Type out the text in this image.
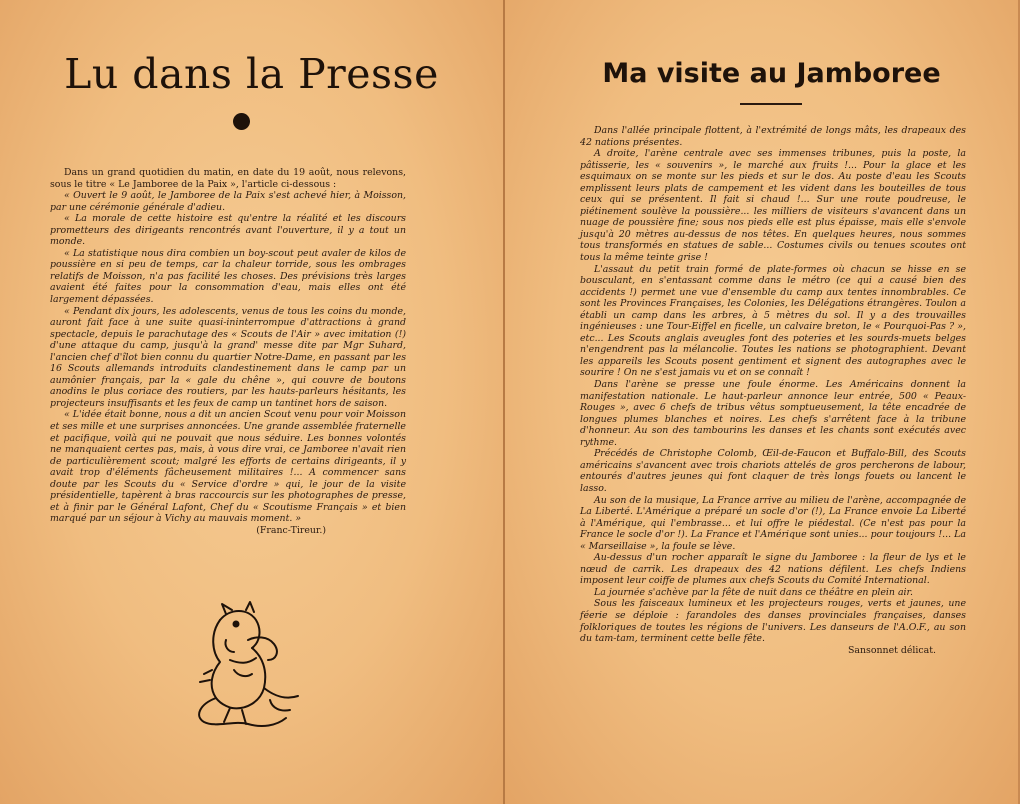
Lu dans la Presse

Dans un grand quotidien du matin, en date du 19 août, nous relevons, sous le titre « Le Jamboree de la Paix », l'article ci-dessous :

« Ouvert le 9 août, le Jamboree de la Paix s'est achevé hier, à Moisson, par une cérémonie générale d'adieu.

« La morale de cette histoire est qu'entre la réalité et les discours prometteurs des dirigeants rencontrés avant l'ouverture, il y a tout un monde.

« La statistique nous dira combien un boy-scout peut avaler de kilos de poussière en si peu de temps, car la chaleur torride, sous les ombrages relatifs de Moisson, n'a pas facilité les choses. Des prévisions très larges avaient été faites pour la consommation d'eau, mais elles ont été largement dépassées.

« Pendant dix jours, les adolescents, venus de tous les coins du monde, auront fait face à une suite quasi-ininterrompue d'attractions à grand spectacle, depuis le parachutage des « Scouts de l'Air » avec imitation (!) d'une attaque du camp, jusqu'à la grand' messe dite par Mgr Suhard, l'ancien chef d'îlot bien connu du quartier Notre-Dame, en passant par les 16 Scouts allemands introduits clandestinement dans le camp par un aumônier français, par la « gale du chêne », qui couvre de boutons anodins le plus coriace des routiers, par les hauts-parleurs hésitants, les projecteurs insuffisants et les feux de camp un tantinet hors de saison.

« L'idée était bonne, nous a dit un ancien Scout venu pour voir Moisson et ses mille et une surprises annoncées. Une grande assemblée fraternelle et pacifique, voilà qui ne pouvait que nous séduire. Les bonnes volontés ne manquaient certes pas, mais, à vous dire vrai, ce Jamboree n'avait rien de particulièrement scout; malgré les efforts de certains dirigeants, il y avait trop d'éléments fâcheusement militaires !... A commencer sans doute par les Scouts du « Service d'ordre » qui, le jour de la visite présidentielle, tapèrent à bras raccourcis sur les photographes de presse, et à finir par le Général Lafont, Chef du « Scoutisme Français » et bien marqué par un séjour à Vichy au mauvais moment. »

(Franc-Tireur.)

Ma visite au Jamboree

Dans l'allée principale flottent, à l'extrémité de longs mâts, les drapeaux des 42 nations présentes.

A droite, l'arène centrale avec ses immenses tribunes, puis la poste, la pâtisserie, les « souvenirs », le marché aux fruits !... Pour la glace et les esquimaux on se monte sur les pieds et sur le dos. Au poste d'eau les Scouts emplissent leurs plats de campement et les vident dans les bouteilles de tous ceux qui se présentent. Il fait si chaud !... Sur une route poudreuse, le piétinement soulève la poussière... les milliers de visiteurs s'avancent dans un nuage de poussière fine; sous nos pieds elle est plus épaisse, mais elle s'envole jusqu'à 20 mètres au-dessus de nos têtes. En quelques heures, nous sommes tous transformés en statues de sable... Costumes civils ou tenues scoutes ont tous la même teinte grise !

L'assaut du petit train formé de plate-formes où chacun se hisse en se bousculant, en s'entassant comme dans le métro (ce qui a causé bien des accidents !) permet une vue d'ensemble du camp aux tentes innombrables. Ce sont les Provinces Françaises, les Colonies, les Délégations étrangères. Toulon a établi un camp dans les arbres, à 5 mètres du sol. Il y a des trouvailles ingénieuses : une Tour-Eiffel en ficelle, un calvaire breton, le « Pourquoi-Pas ? », etc... Les Scouts anglais aveugles font des poteries et les sourds-muets belges n'engendrent pas la mélancolie. Toutes les nations se photographient. Devant les appareils les Scouts posent gentiment et signent des autographes avec le sourire ! On ne s'est jamais vu et on se connaît !

Dans l'arène se presse une foule énorme. Les Américains donnent la manifestation nationale. Le haut-parleur annonce leur entrée, 500 « Peaux-Rouges », avec 6 chefs de tribus vêtus somptueusement, la tête encadrée de longues plumes blanches et noires. Les chefs s'arrêtent face à la tribune d'honneur. Au son des tambourins les danses et les chants sont exécutés avec rythme.

Précédés de Christophe Colomb, Œil-de-Faucon et Buffalo-Bill, des Scouts américains s'avancent avec trois chariots attelés de gros percherons de labour, entourés d'autres jeunes qui font claquer de très longs fouets ou lancent le lasso.

Au son de la musique, La France arrive au milieu de l'arène, accompagnée de La Liberté. L'Amérique a préparé un socle d'or (!), La France envoie La Liberté à l'Amérique, qui l'embrasse... et lui offre le piédestal. (Ce n'est pas pour la France le socle d'or !). La France et l'Amérique sont unies... pour toujours !... La « Marseillaise », la foule se lève.

Au-dessus d'un rocher apparaît le signe du Jamboree : la fleur de lys et le nœud de carrik. Les drapeaux des 42 nations défilent. Les chefs Indiens imposent leur coiffe de plumes aux chefs Scouts du Comité International.

La journée s'achève par la fête de nuit dans ce théâtre en plein air.

Sous les faisceaux lumineux et les projecteurs rouges, verts et jaunes, une féerie se déploie : farandoles des danses provinciales françaises, danses folkloriques de toutes les régions de l'univers. Les danseurs de l'A.O.F., au son du tam-tam, terminent cette belle fête.

Sansonnet délicat.
